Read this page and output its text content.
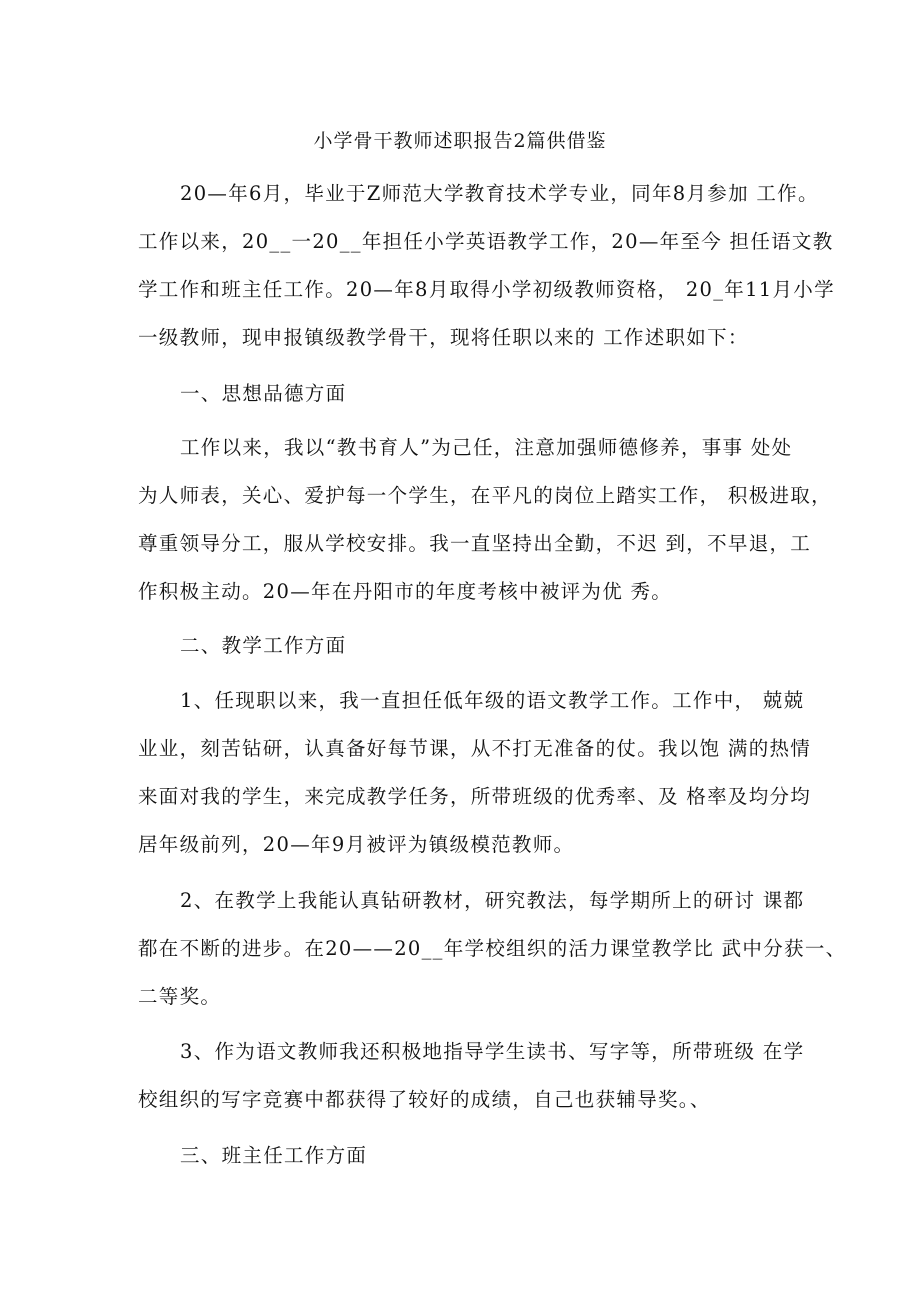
小学骨干教师述职报告2篇供借鉴
20—年6月，毕业于Z师范大学教育技术学专业，同年8月参加 工作。
工作以来，20__一20__年担任小学英语教学工作，20—年至今 担任语文教
学工作和班主任工作。20—年8月取得小学初级教师资格， 20_年11月小学
一级教师，现申报镇级教学骨干，现将任职以来的 工作述职如下：
一、思想品德方面
工作以来，我以“教书育人”为己任，注意加强师德修养，事事 处处
为人师表，关心、爱护每一个学生，在平凡的岗位上踏实工作， 积极进取，
尊重领导分工，服从学校安排。我一直坚持出全勤，不迟 到，不早退，工
作积极主动。20—年在丹阳市的年度考核中被评为优 秀。
二、教学工作方面
1、任现职以来，我一直担任低年级的语文教学工作。工作中， 兢兢
业业，刻苦钻研，认真备好每节课，从不打无准备的仗。我以饱 满的热情
来面对我的学生，来完成教学任务，所带班级的优秀率、及 格率及均分均
居年级前列，20—年9月被评为镇级模范教师。
2、在教学上我能认真钻研教材，研究教法，每学期所上的研讨 课都
都在不断的进步。在20——20__年学校组织的活力课堂教学比 武中分获一、
二等奖。
3、作为语文教师我还积极地指导学生读书、写字等，所带班级 在学
校组织的写字竞赛中都获得了较好的成绩，自己也获辅导奖。、
三、班主任工作方面
